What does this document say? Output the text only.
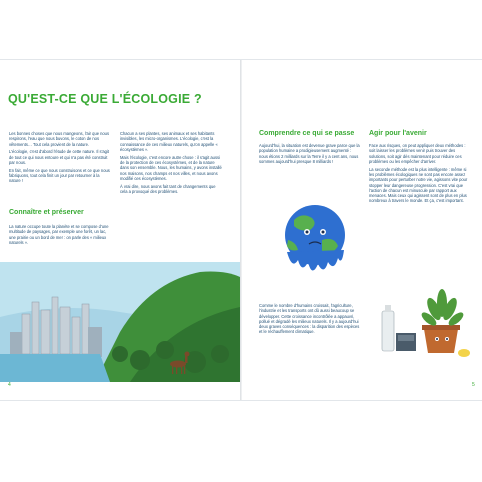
QU'EST-CE QUE L'ÉCOLOGIE ?

Les bonnes choses que nous mangeons, l'air que nous respirons, l'eau que nous buvons, le coton de nos vêtements… Tout cela provient de la nature.

L'écologie, c'est d'abord l'étude de cette nature. Il s'agit de tout ce qui nous entoure et qui n'a pas été construit par nous.

En fait, même ce que nous construisons et ce que nous fabriquons, tout cela finit un jour par retourner à la nature !

Connaître et préserver

La nature occupe toute la planète et se compose d'une multitude de paysages, par exemple une forêt, un lac, une prairie ou un bord de mer : on parle des « milieux naturels ».

Chacun a ses plantes, ses animaux et ses habitants invisibles, les micro-organismes. L'écologie, c'est la connaissance de ces milieux naturels, qu'on appelle « écosystèmes ».

Mais l'écologie, c'est encore autre chose : il s'agit aussi de la protection de ces écosystèmes, et de la nature dans son ensemble. Nous, les humains, y avons installé nos maisons, nos champs et nos villes, et nous avons modifié ces écosystèmes.

À vrai dire, nous avons fait tant de changements que cela a provoqué des problèmes.

4
Comprendre ce qui se passe

Aujourd'hui, la situation est devenue grave parce que la population humaine a prodigieusement augmenté : nous étions 2 milliards sur la Terre il y a cent ans, nous sommes aujourd'hui presque 8 milliards !

Comme le nombre d'humains croissait, l'agriculture, l'industrie et les transports ont dû aussi beaucoup se développer. Cette croissance incontrôlée a appauvri, pollué et dégradé les milieux naturels. Il y a aujourd'hui deux graves conséquences : la disparition des espèces et le réchauffement climatique.

Agir pour l'avenir

Face aux risques, on peut appliquer deux méthodes : soit laisser les problèmes venir puis trouver des solutions, soit agir dès maintenant pour réduire ces problèmes ou les empêcher d'arriver.

La seconde méthode est la plus intelligente : même si les problèmes écologiques ne sont pas encore assez importants pour perturber notre vie, agissons vite pour stopper leur dangereuse progression. C'est vrai que l'action de chacun est minuscule par rapport aux menaces. Mais ceux qui agissent sont de plus en plus nombreux à travers le monde. Et ça, c'est important.

5
